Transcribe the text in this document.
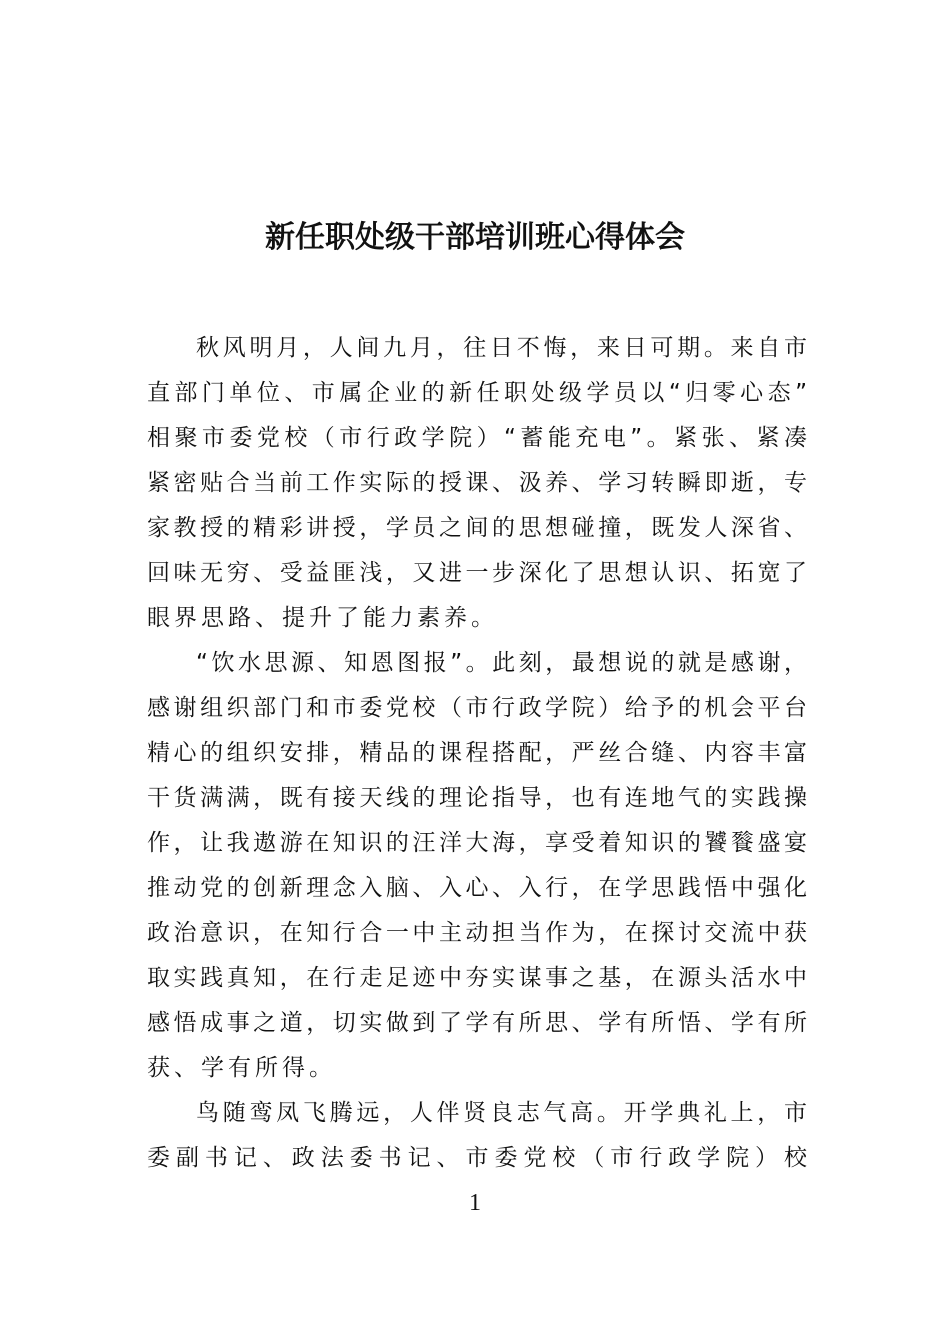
新任职处级干部培训班心得体会
秋风明月，人间九月，往日不悔，来日可期。来自市
直部门单位、市属企业的新任职处级学员以“归零心态”
相聚市委党校（市行政学院）“蓄能充电”。紧张、紧凑
紧密贴合当前工作实际的授课、汲养、学习转瞬即逝，专
家教授的精彩讲授，学员之间的思想碰撞，既发人深省、
回味无穷、受益匪浅，又进一步深化了思想认识、拓宽了
眼界思路、提升了能力素养。
“饮水思源、知恩图报”。此刻，最想说的就是感谢，
感谢组织部门和市委党校（市行政学院）给予的机会平台
精心的组织安排，精品的课程搭配，严丝合缝、内容丰富
干货满满，既有接天线的理论指导，也有连地气的实践操
作，让我遨游在知识的汪洋大海，享受着知识的饕餮盛宴
推动党的创新理念入脑、入心、入行，在学思践悟中强化
政治意识，在知行合一中主动担当作为，在探讨交流中获
取实践真知，在行走足迹中夯实谋事之基，在源头活水中
感悟成事之道，切实做到了学有所思、学有所悟、学有所
获、学有所得。
鸟随鸾凤飞腾远，人伴贤良志气高。开学典礼上，市
委副书记、政法委书记、市委党校（市行政学院）校
1
